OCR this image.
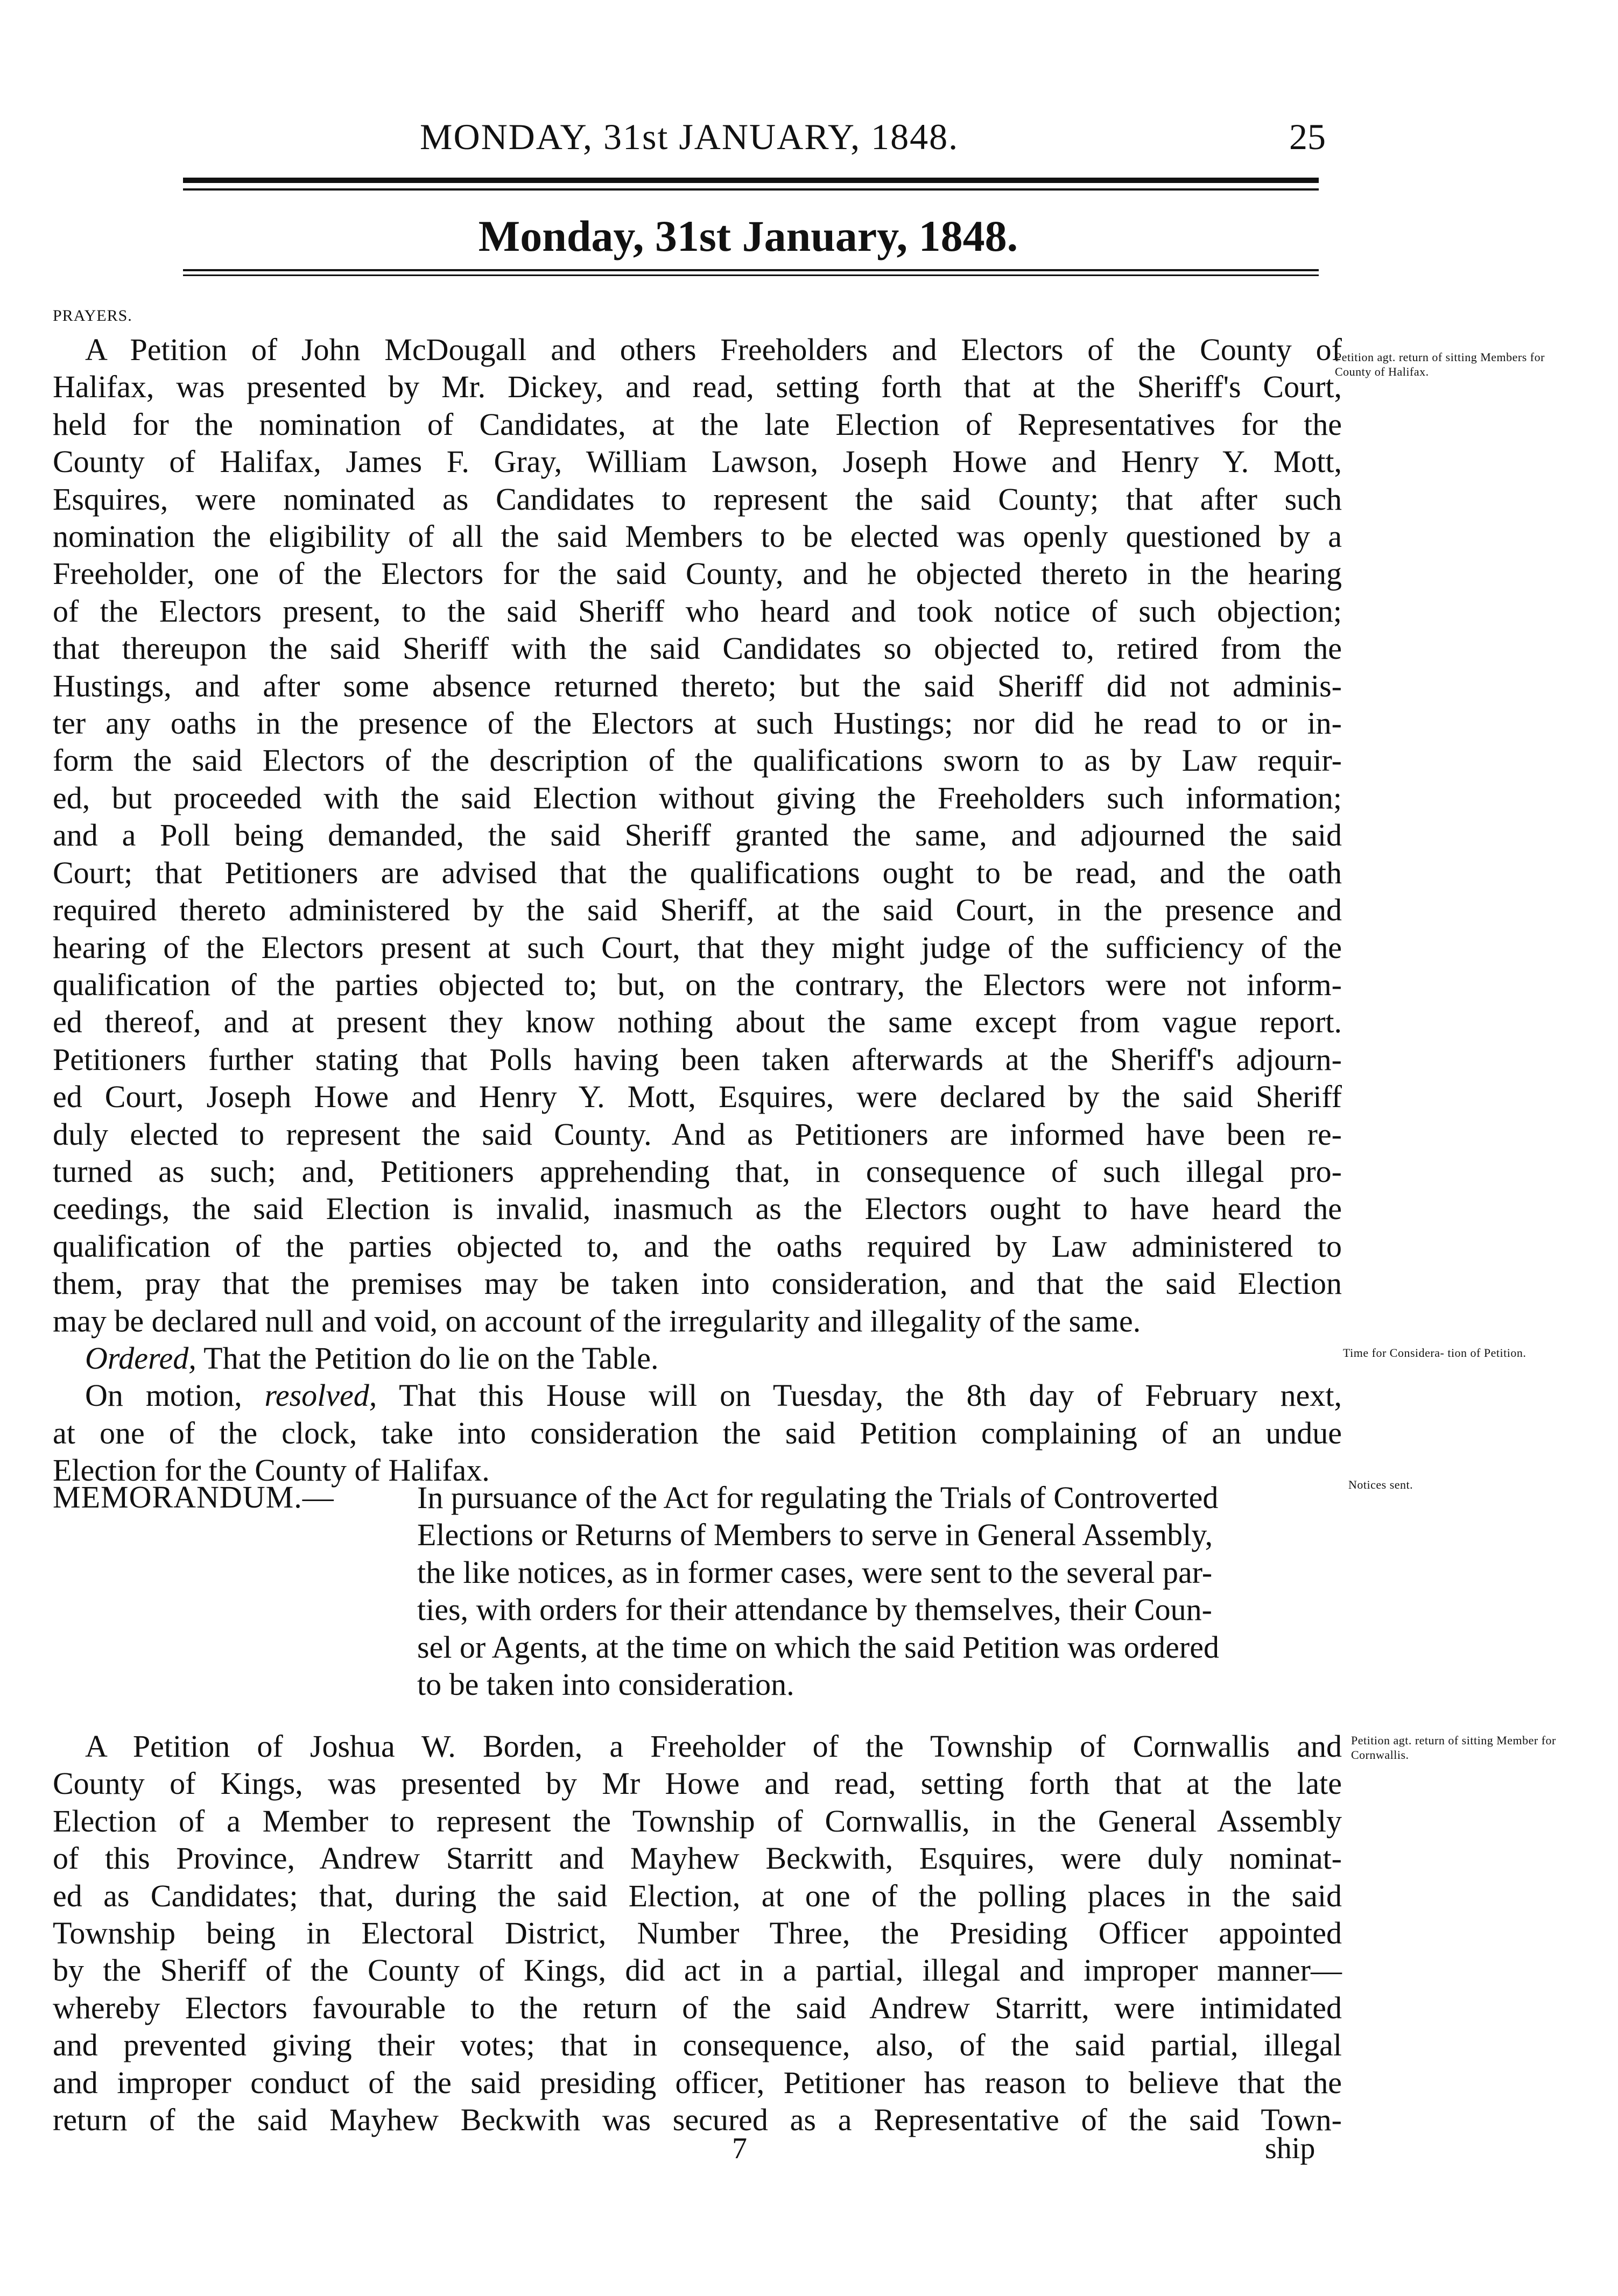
MONDAY, 31st JANUARY, 1848.	25
Monday, 31st January, 1848.
PRAYERS.
A Petition of John McDougall and others Freeholders and Electors of the County of
Halifax, was presented by Mr. Dickey, and read, setting forth that at the Sheriff's Court,
held for the nomination of Candidates, at the late Election of Representatives for the
County of Halifax, James F. Gray, William Lawson, Joseph Howe and Henry Y. Mott,
Esquires, were nominated as Candidates to represent the said County; that after such
nomination the eligibility of all the said Members to be elected was openly questioned by a
Freeholder, one of the Electors for the said County, and he objected thereto in the hearing
of the Electors present, to the said Sheriff who heard and took notice of such objection;
that thereupon the said Sheriff with the said Candidates so objected to, retired from the
Hustings, and after some absence returned thereto; but the said Sheriff did not adminis-
ter any oaths in the presence of the Electors at such Hustings; nor did he read to or in-
form the said Electors of the description of the qualifications sworn to as by Law requir-
ed, but proceeded with the said Election without giving the Freeholders such information;
and a Poll being demanded, the said Sheriff granted the same, and adjourned the said
Court; that Petitioners are advised that the qualifications ought to be read, and the oath
required thereto administered by the said Sheriff, at the said Court, in the presence and
hearing of the Electors present at such Court, that they might judge of the sufficiency of the
qualification of the parties objected to; but, on the contrary, the Electors were not inform-
ed thereof, and at present they know nothing about the same except from vague report.
Petitioners further stating that Polls having been taken afterwards at the Sheriff's adjourn-
ed Court, Joseph Howe and Henry Y. Mott, Esquires, were declared by the said Sheriff
duly elected to represent the said County. And as Petitioners are informed have been re-
turned as such; and, Petitioners apprehending that, in consequence of such illegal pro-
ceedings, the said Election is invalid, inasmuch as the Electors ought to have heard the
qualification of the parties objected to, and the oaths required by Law administered to
them, pray that the premises may be taken into consideration, and that the said Election
may be declared null and void, on account of the irregularity and illegality of the same.
Ordered, That the Petition do lie on the Table.
On motion, resolved, That this House will on Tuesday, the 8th day of February next,
at one of the clock, take into consideration the said Petition complaining of an undue
Election for the County of Halifax.
Petition agt. return of sitting Members for County of Halifax.
Time for Considera- tion of Petition.
Notices sent.
Petition agt. return of sitting Member for Cornwallis.
MEMORANDUM.—	In pursuance of the Act for regulating the Trials of Controverted
Elections or Returns of Members to serve in General Assembly,
the like notices, as in former cases, were sent to the several par-
ties, with orders for their attendance by themselves, their Coun-
sel or Agents, at the time on which the said Petition was ordered
to be taken into consideration.
A Petition of Joshua W. Borden, a Freeholder of the Township of Cornwallis and
County of Kings, was presented by Mr Howe and read, setting forth that at the late
Election of a Member to represent the Township of Cornwallis, in the General Assembly
of this Province, Andrew Starritt and Mayhew Beckwith, Esquires, were duly nominat-
ed as Candidates; that, during the said Election, at one of the polling places in the said
Township being in Electoral District, Number Three, the Presiding Officer appointed
by the Sheriff of the County of Kings, did act in a partial, illegal and improper manner—
whereby Electors favourable to the return of the said Andrew Starritt, were intimidated
and prevented giving their votes; that in consequence, also, of the said partial, illegal
and improper conduct of the said presiding officer, Petitioner has reason to believe that the
return of the said Mayhew Beckwith was secured as a Representative of the said Town-
7	ship
